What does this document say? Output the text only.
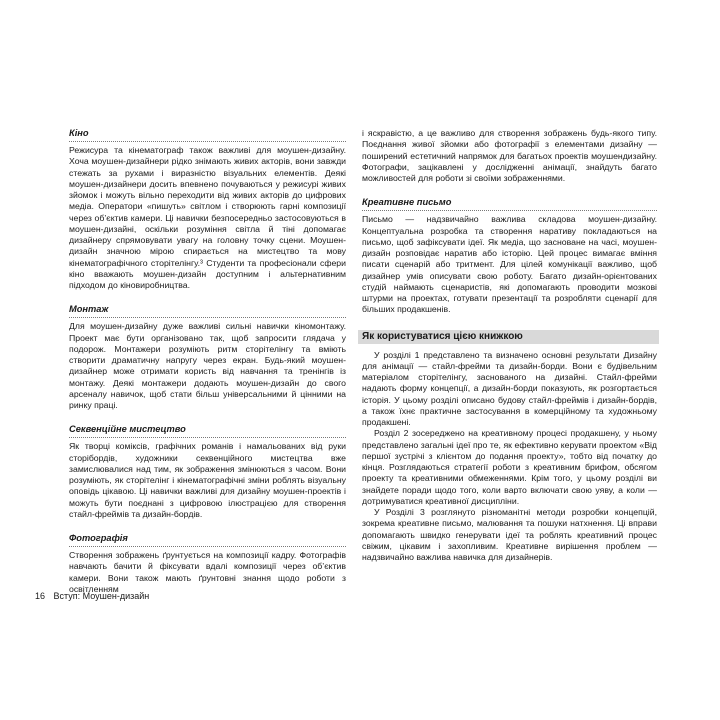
Кіно

Режисура та кінематограф також важливі для моушен-дизайну. Хоча моушен-дизайнери рідко знімають живих акторів, вони завжди стежать за рухами і виразністю візуальних елементів. Деякі моушен-дизайнери досить впевнено почуваються у режисурі живих зйомок і можуть вільно переходити від живих акторів до цифрових медіа. Оператори «пишуть» світлом і створюють гарні композиції через об’єктив камери. Ці навички безпосередньо застосовуються в моушен-дизайні, оскільки розуміння світла й тіні допомагає дизайнеру спрямовувати увагу на головну точку сцени. Моушен-дизайн значною мірою спирається на мистецтво та мову кінематографічного сторітелінгу.³ Студенти та професіонали сфери кіно вважають моушен-дизайн доступним і альтернативним підходом до кіновиробництва.

Монтаж

Для моушен-дизайну дуже важливі сильні навички кіномонтажу. Проект має бути організовано так, щоб запросити глядача у подорож. Монтажери розуміють ритм сторітелінгу та вміють створити драматичну напругу через екран. Будь-який моушен-дизайнер може отримати користь від навчання та тренінгів із монтажу. Деякі монтажери додають моушен-дизайн до свого арсеналу навичок, щоб стати більш універсальними й цінними на ринку праці.

Секвенційне мистецтво

Як творці коміксів, графічних романів і намальованих від руки сторібордів, художники секвенційного мистецтва вже замислювалися над тим, як зображення змінюються з часом. Вони розуміють, як сторітелінг і кінематографічні зміни роблять візуальну оповідь цікавою. Ці навички важливі для дизайну моушен-проектів і можуть бути поєднані з цифровою ілюстрацією для створення стайл-фреймів та дизайн-бордів.

Фотографія

Створення зображень ґрунтується на композиції кадру. Фотографів навчають бачити й фіксувати вдалі композиції через об’єктив камери. Вони також мають ґрунтовні знання щодо роботи з освітленням

і яскравістю, а це важливо для створення зображень будь-якого типу. Поєднання живої зйомки або фотографії з елементами дизайну — поширений естетичний напрямок для багатьох проектів моушендизайну. Фотографи, зацікавлені у дослідженні анімації, знайдуть багато можливостей для роботи зі своїми зображеннями.

Креативне письмо

Письмо — надзвичайно важлива складова моушен-дизайну. Концептуальна розробка та створення наративу покладаються на письмо, щоб зафіксувати ідеї. Як медіа, що засноване на часі, моушен-дизайн розповідає наратив або історію. Цей процес вимагає вміння писати сценарій або тритмент. Для цілей комунікації важливо, щоб дизайнер умів описувати свою роботу. Багато дизайн-орієнтованих студій наймають сценаристів, які допомагають проводити мозкові штурми на проектах, готувати презентації та розробляти сценарії для більших продакшенів.

Як користуватися цією книжкою

У розділі 1 представлено та визначено основні результати Дизайну для анімації — стайл-фрейми та дизайн-борди. Вони є будівельним матеріалом сторітелінгу, заснованого на дизайні. Стайл-фрейми надають форму концепції, а дизайн-борди показують, як розгортається історія. У цьому розділі описано будову стайл-фреймів і дизайн-бордів, а також їхнє практичне застосування в комерційному та художньому продакшені.

Розділ 2 зосереджено на креативному процесі продакшену, у ньому представлено загальні ідеї про те, як ефективно керувати проектом «Від першої зустрічі з клієнтом до подання проекту», тобто від початку до кінця. Розглядаються стратегії роботи з креативним брифом, обсягом проекту та креативними обмеженнями. Крім того, у цьому розділі ви знайдете поради щодо того, коли варто включати свою уяву, а коли — дотримуватися креативної дисципліни.

У Розділі 3 розглянуто різноманітні методи розробки концепцій, зокрема креативне письмо, малювання та пошуки натхнення. Ці вправи допомагають швидко генерувати ідеї та роблять креативний процес свіжим, цікавим і захопливим. Креативне вирішення проблем — надзвичайно важлива навичка для дизайнерів.

16 Вступ: Моушен-дизайн
